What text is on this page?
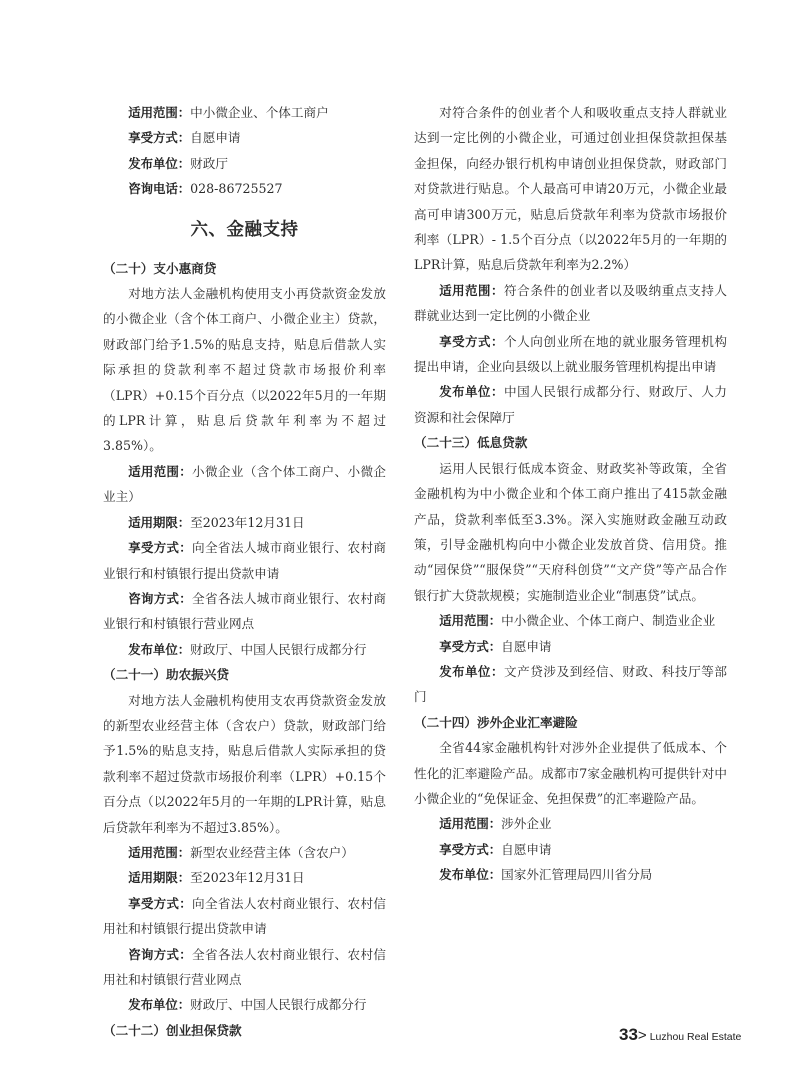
适用范围：中小微企业、个体工商户

享受方式：自愿申请

发布单位：财政厅

咨询电话：028-86725527

六、金融支持
（二十）支小惠商贷

对地方法人金融机构使用支小再贷款资金发放的小微企业（含个体工商户、小微企业主）贷款，财政部门给予1.5%的贴息支持，贴息后借款人实际承担的贷款利率不超过贷款市场报价利率（LPR）+0.15个百分点（以2022年5月的一年期的LPR计算，贴息后贷款年利率为不超过3.85%）。

适用范围：小微企业（含个体工商户、小微企业主）

适用期限：至2023年12月31日

享受方式：向全省法人城市商业银行、农村商业银行和村镇银行提出贷款申请

咨询方式：全省各法人城市商业银行、农村商业银行和村镇银行营业网点

发布单位：财政厅、中国人民银行成都分行

（二十一）助农振兴贷

对地方法人金融机构使用支农再贷款资金发放的新型农业经营主体（含农户）贷款，财政部门给予1.5%的贴息支持，贴息后借款人实际承担的贷款利率不超过贷款市场报价利率（LPR）+0.15个百分点（以2022年5月的一年期的LPR计算，贴息后贷款年利率为不超过3.85%）。

适用范围：新型农业经营主体（含农户）

适用期限：至2023年12月31日

享受方式：向全省法人农村商业银行、农村信用社和村镇银行提出贷款申请

咨询方式：全省各法人农村商业银行、农村信用社和村镇银行营业网点

发布单位：财政厅、中国人民银行成都分行

（二十二）创业担保贷款

对符合条件的创业者个人和吸收重点支持人群就业达到一定比例的小微企业，可通过创业担保贷款担保基金担保，向经办银行机构申请创业担保贷款，财政部门对贷款进行贴息。个人最高可申请20万元，小微企业最高可申请300万元，贴息后贷款年利率为贷款市场报价利率（LPR）- 1.5个百分点（以2022年5月的一年期的LPR计算，贴息后贷款年利率为2.2%）

适用范围：符合条件的创业者以及吸纳重点支持人群就业达到一定比例的小微企业

享受方式：个人向创业所在地的就业服务管理机构提出申请，企业向县级以上就业服务管理机构提出申请

发布单位：中国人民银行成都分行、财政厅、人力资源和社会保障厅

（二十三）低息贷款

运用人民银行低成本资金、财政奖补等政策，全省金融机构为中小微企业和个体工商户推出了415款金融产品，贷款利率低至3.3%。深入实施财政金融互动政策，引导金融机构向中小微企业发放首贷、信用贷。推动“园保贷”“服保贷”“天府科创贷”“文产贷”等产品合作银行扩大贷款规模；实施制造业企业“制惠贷”试点。

适用范围：中小微企业、个体工商户、制造业企业

享受方式：自愿申请

发布单位：文产贷涉及到经信、财政、科技厅等部门

（二十四）涉外企业汇率避险

全省44家金融机构针对涉外企业提供了低成本、个性化的汇率避险产品。成都市7家金融机构可提供针对中小微企业的“免保证金、免担保费”的汇率避险产品。

适用范围：涉外企业

享受方式：自愿申请

发布单位：国家外汇管理局四川省分局

33> Luzhou Real Estate
